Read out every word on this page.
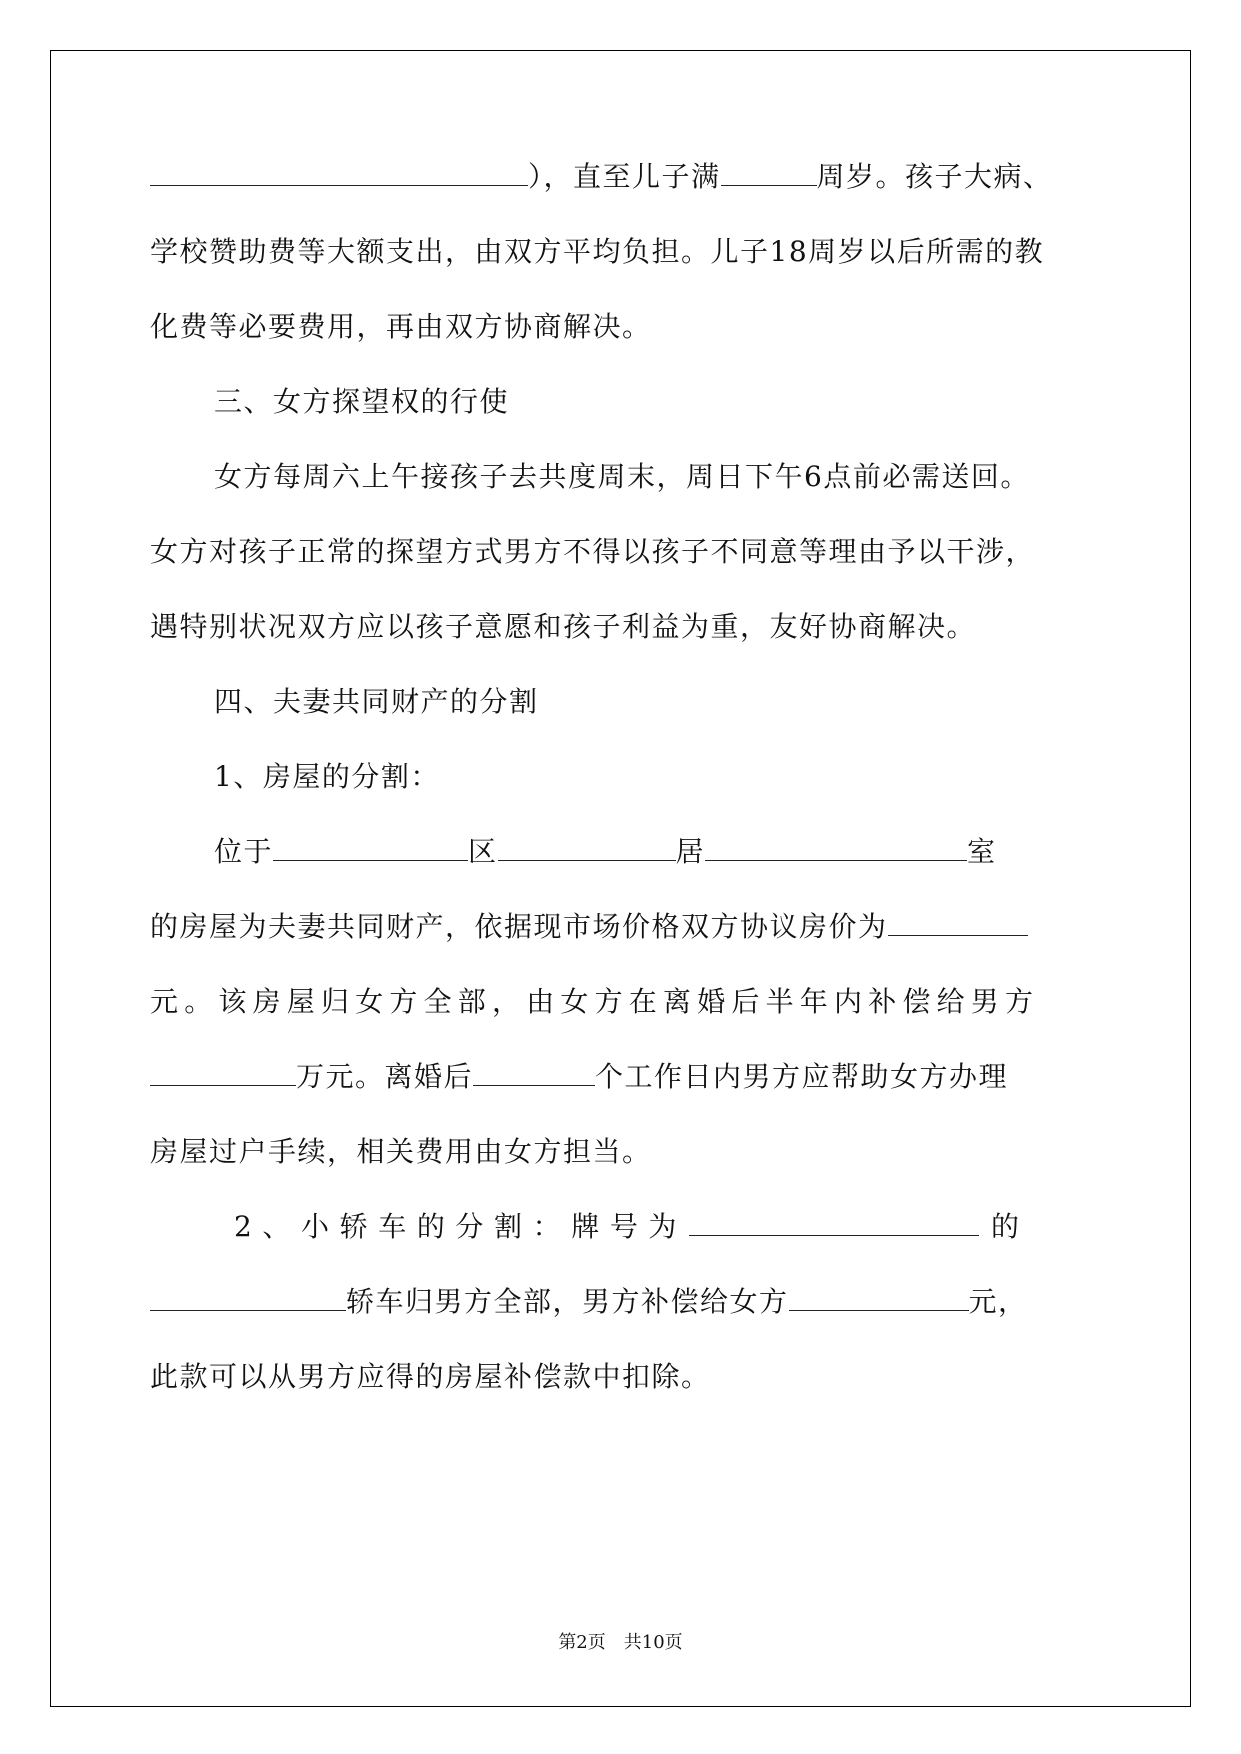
），直至儿子满	周岁。孩子大病、
学校赞助费等大额支出，由双方平均负担。儿子18周岁以后所需的教
化费等必要费用，再由双方协商解决。
三、女方探望权的行使
女方每周六上午接孩子去共度周末，周日下午6点前必需送回。
女方对孩子正常的探望方式男方不得以孩子不同意等理由予以干涉，
遇特别状况双方应以孩子意愿和孩子利益为重，友好协商解决。
四、夫妻共同财产的分割
1、房屋的分割：
位于	区	居	室
的房屋为夫妻共同财产，依据现市场价格双方协议房价为
元。该房屋归女方全部，由女方在离婚后半年内补偿给男方
万元。离婚后	个工作日内男方应帮助女方办理
房屋过户手续，相关费用由女方担当。
2、小轿车的分割：牌号为	的
轿车归男方全部，男方补偿给女方	元，
此款可以从男方应得的房屋补偿款中扣除。
第2页　共10页
